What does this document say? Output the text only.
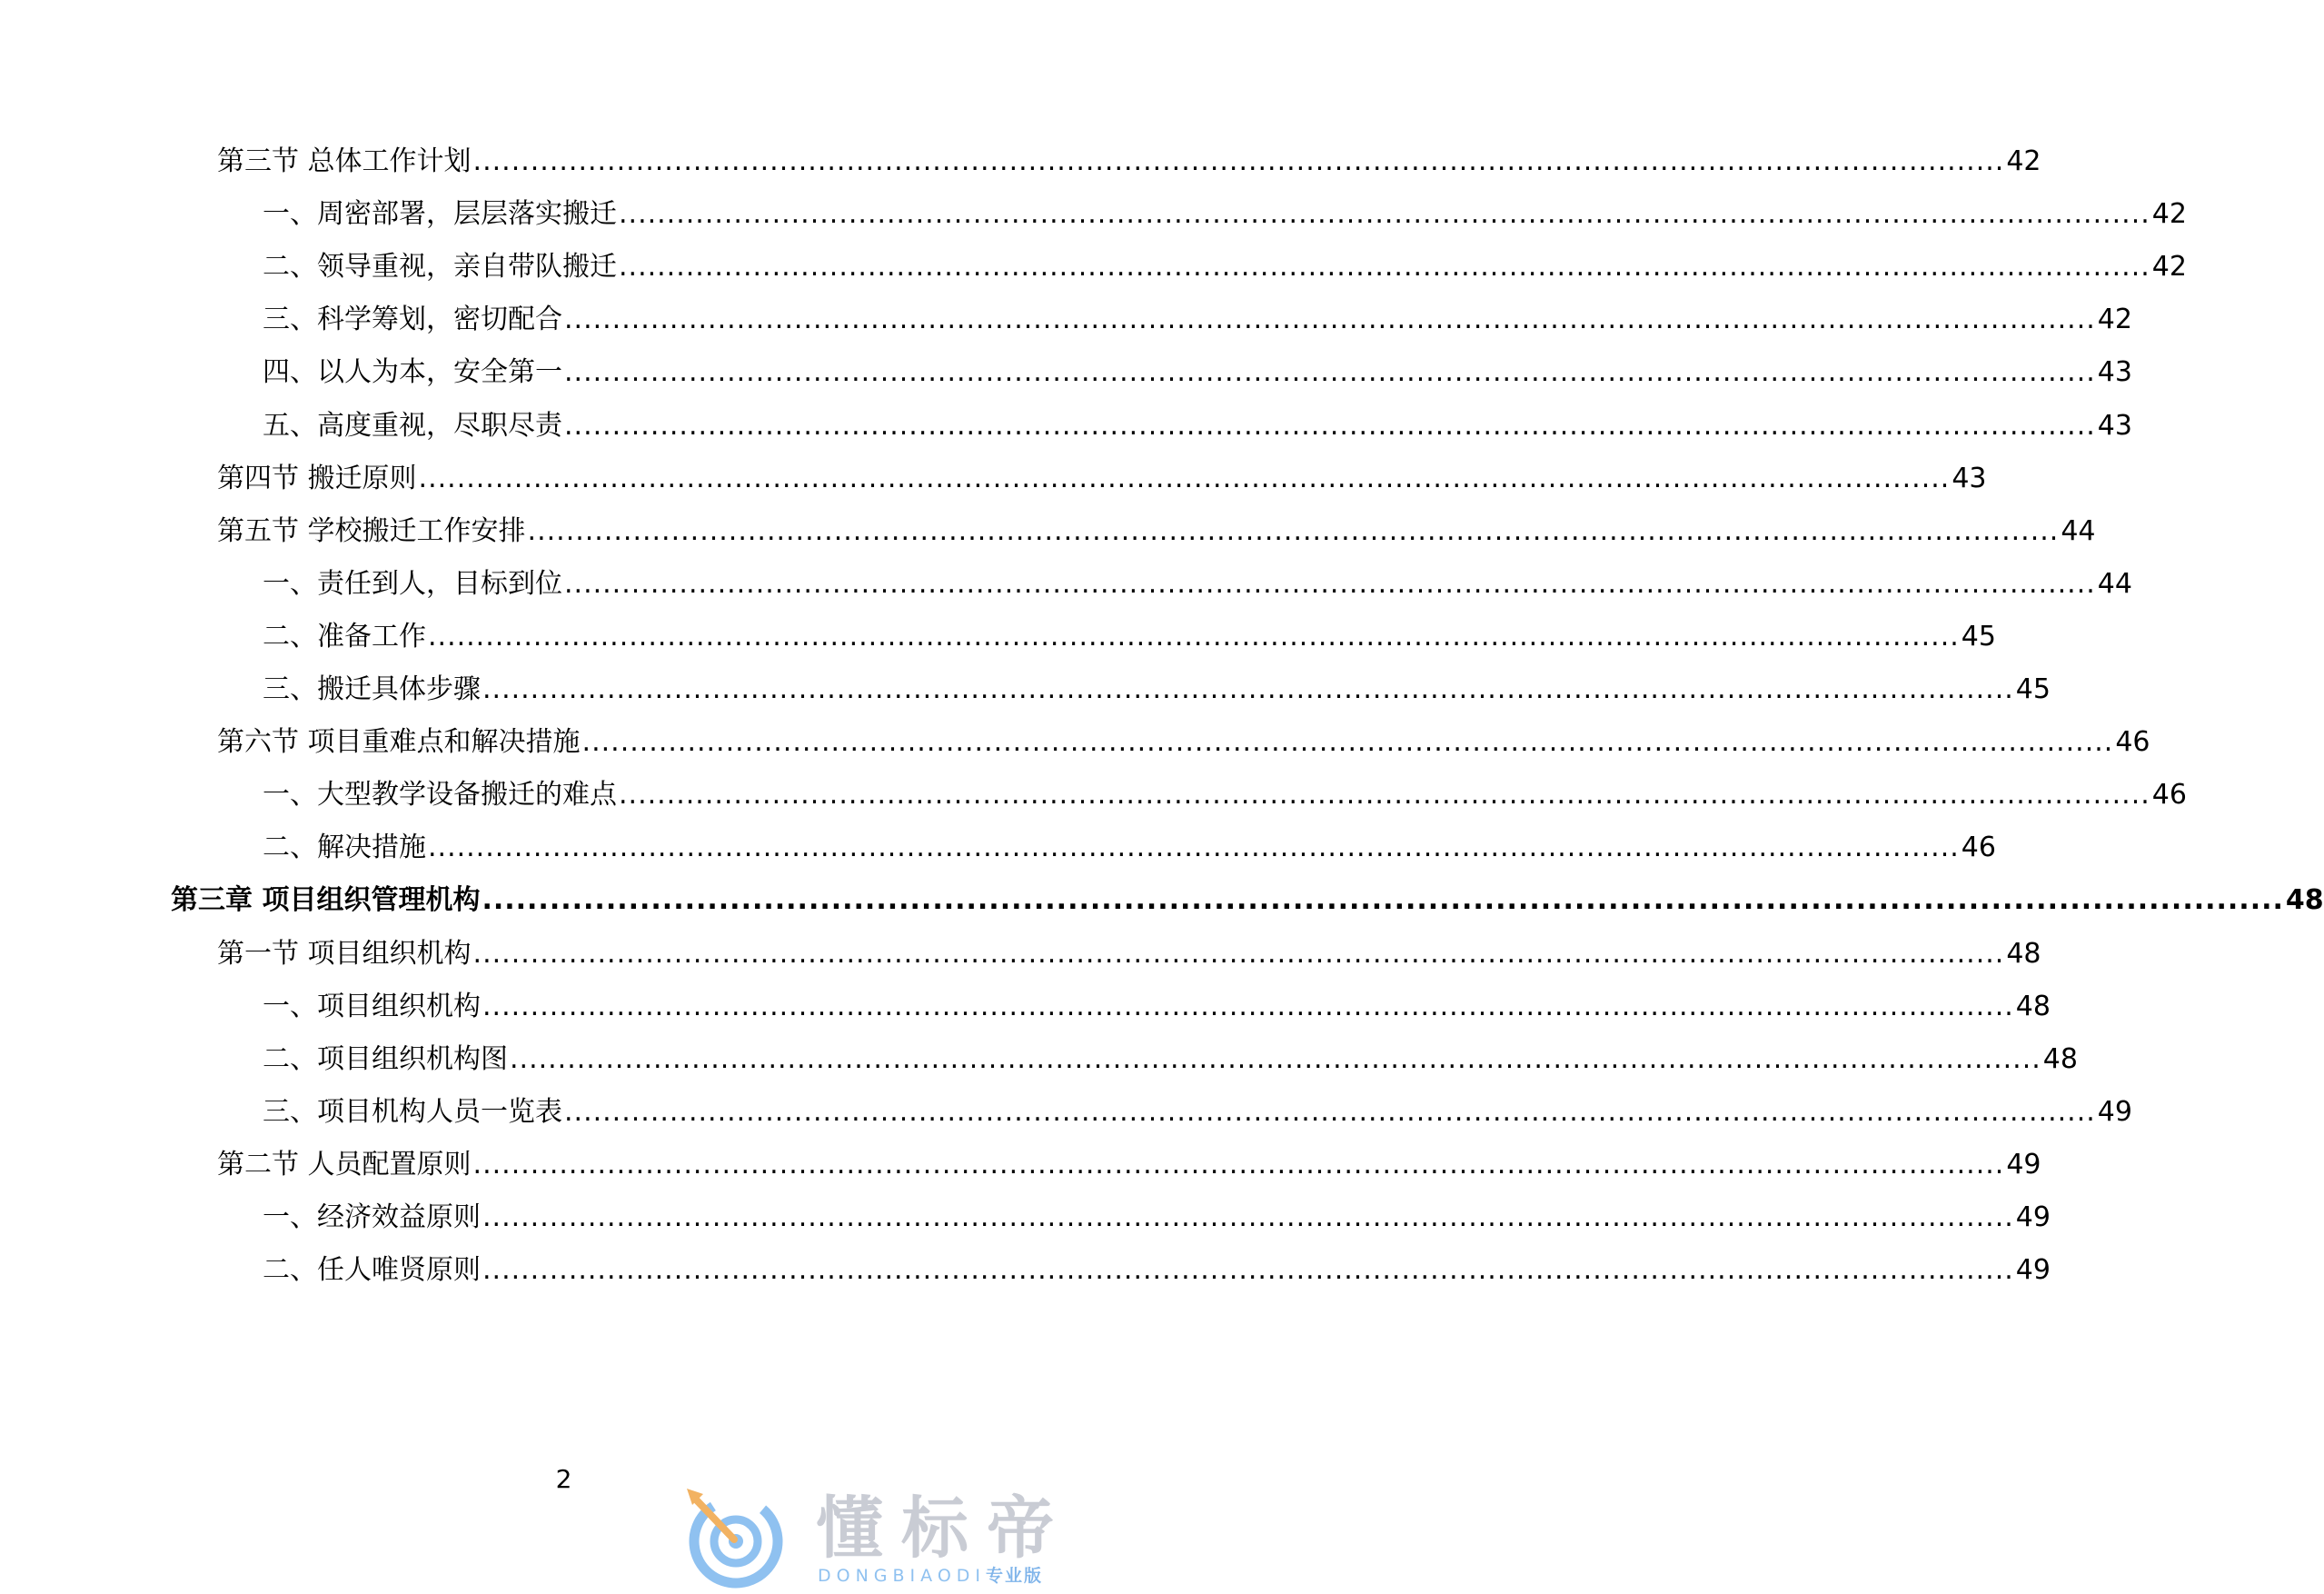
第三节 总体工作计划 ................................................................................................................................................................ 42
一、周密部署，层层落实搬迁 ................................................................................................................................................................ 42
二、领导重视，亲自带队搬迁 ................................................................................................................................................................ 42
三、科学筹划，密切配合 ................................................................................................................................................................ 42
四、以人为本，安全第一 ................................................................................................................................................................ 43
五、高度重视，尽职尽责 ................................................................................................................................................................ 43
第四节 搬迁原则 ................................................................................................................................................................ 43
第五节 学校搬迁工作安排 ................................................................................................................................................................ 44
一、责任到人，目标到位 ................................................................................................................................................................ 44
二、准备工作 ................................................................................................................................................................ 45
三、搬迁具体步骤 ................................................................................................................................................................ 45
第六节 项目重难点和解决措施 ................................................................................................................................................................ 46
一、大型教学设备搬迁的难点 ................................................................................................................................................................ 46
二、解决措施 ................................................................................................................................................................ 46
第三章 项目组织管理机构 ................................................................................................................................................................ 48
第一节 项目组织机构 ................................................................................................................................................................ 48
一、项目组织机构 ................................................................................................................................................................ 48
二、项目组织机构图 ................................................................................................................................................................ 48
三、项目机构人员一览表 ................................................................................................................................................................ 49
第二节 人员配置原则 ................................................................................................................................................................ 49
一、经济效益原则 ................................................................................................................................................................ 49
二、任人唯贤原则 ................................................................................................................................................................ 49
2
懂标帝
DONGBIAODI专业版
